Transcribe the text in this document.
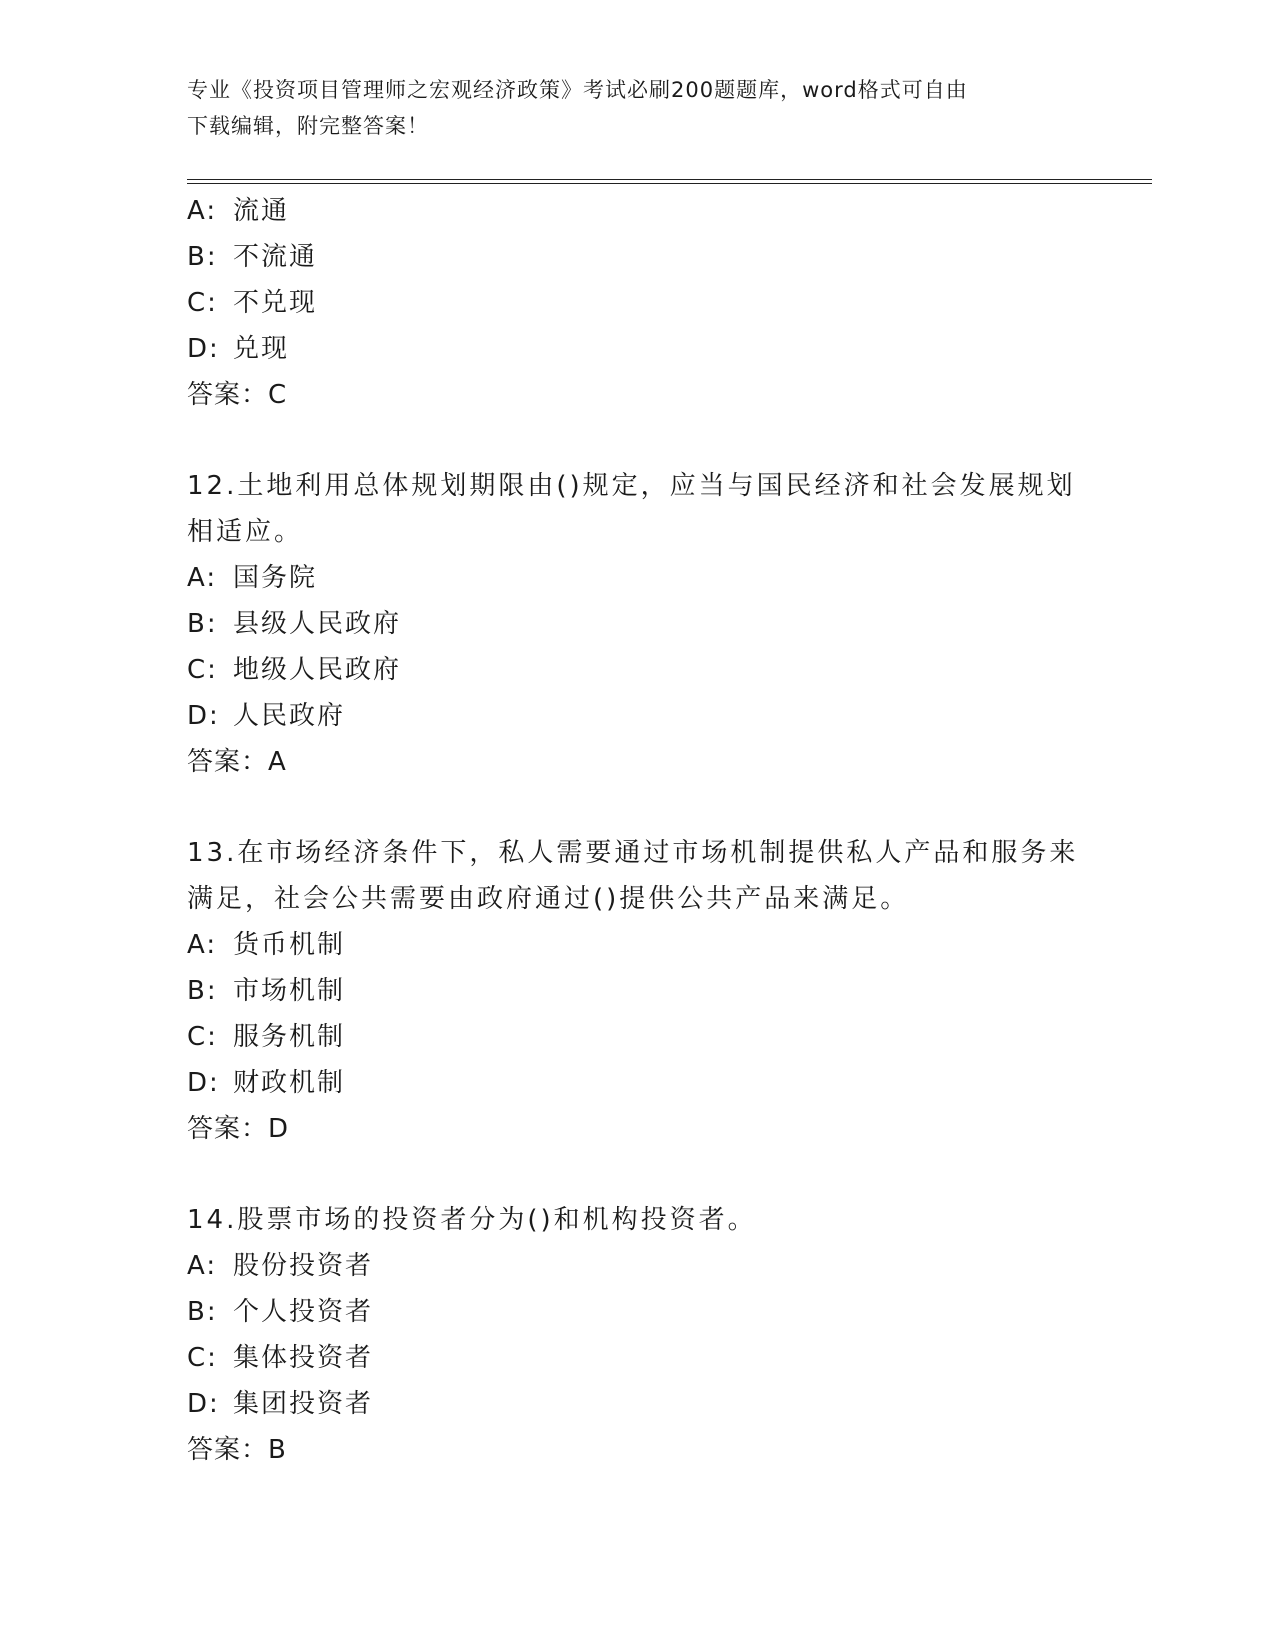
专业《投资项目管理师之宏观经济政策》考试必刷200题题库，word格式可自由
下载编辑，附完整答案！
A: 流通
B: 不流通
C: 不兑现
D: 兑现
答案：C
12.土地利用总体规划期限由()规定，应当与国民经济和社会发展规划
相适应。
A: 国务院
B: 县级人民政府
C: 地级人民政府
D: 人民政府
答案：A
13.在市场经济条件下，私人需要通过市场机制提供私人产品和服务来
满足，社会公共需要由政府通过()提供公共产品来满足。
A: 货币机制
B: 市场机制
C: 服务机制
D: 财政机制
答案：D
14.股票市场的投资者分为()和机构投资者。
A: 股份投资者
B: 个人投资者
C: 集体投资者
D: 集团投资者
答案：B
